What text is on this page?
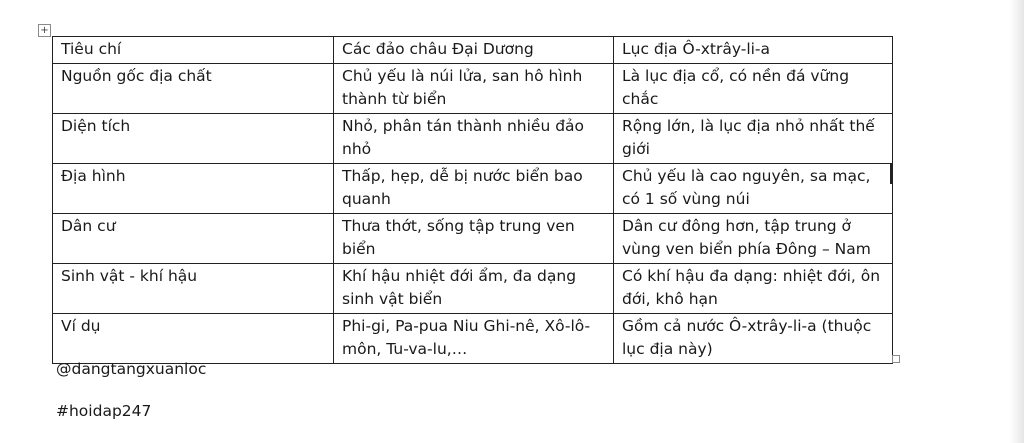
+
Tiêu chí	Các đảo châu Đại Dương	Lục địa Ô-xtrây-li-a
Nguồn gốc địa chất	Chủ yếu là núi lửa, san hô hình thành từ biển	Là lục địa cổ, có nền đá vững chắc
Diện tích	Nhỏ, phân tán thành nhiều đảo nhỏ	Rộng lớn, là lục địa nhỏ nhất thế giới
Địa hình	Thấp, hẹp, dễ bị nước biển bao quanh	Chủ yếu là cao nguyên, sa mạc, có 1 số vùng núi
Dân cư	Thưa thớt, sống tập trung ven biển	Dân cư đông hơn, tập trung ở vùng ven biển phía Đông – Nam
Sinh vật - khí hậu	Khí hậu nhiệt đới ẩm, đa dạng sinh vật biển	Có khí hậu đa dạng: nhiệt đới, ôn đới, khô hạn
Ví dụ	Phi-gi, Pa-pua Niu Ghi-nê, Xô-lô-môn, Tu-va-lu,…	Gồm cả nước Ô-xtrây-li-a (thuộc lục địa này)
@dangtangxuanloc
#hoidap247
